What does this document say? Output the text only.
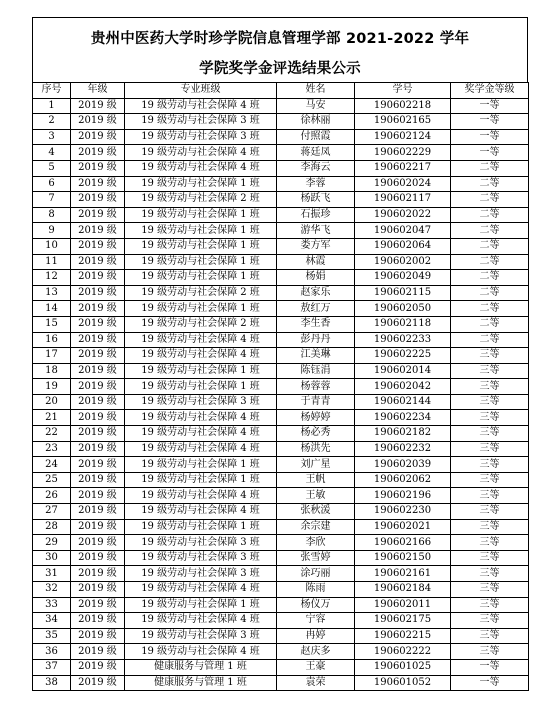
贵州中医药大学时珍学院信息管理学部 2021-2022 学年
学院奖学金评选结果公示
序号	年级	专业班级	姓名	学号	奖学金等级
1	2019 级	19 级劳动与社会保障 4 班	马安	190602218	一等
2	2019 级	19 级劳动与社会保障 3 班	徐林丽	190602165	一等
3	2019 级	19 级劳动与社会保障 3 班	付照霞	190602124	一等
4	2019 级	19 级劳动与社会保障 4 班	蒋廷凤	190602229	一等
5	2019 级	19 级劳动与社会保障 4 班	李海云	190602217	二等
6	2019 级	19 级劳动与社会保障 1 班	李蓉	190602024	二等
7	2019 级	19 级劳动与社会保障 2 班	杨跃飞	190602117	二等
8	2019 级	19 级劳动与社会保障 1 班	石振珍	190602022	二等
9	2019 级	19 级劳动与社会保障 1 班	游华飞	190602047	二等
10	2019 级	19 级劳动与社会保障 1 班	娄方军	190602064	二等
11	2019 级	19 级劳动与社会保障 1 班	林霞	190602002	二等
12	2019 级	19 级劳动与社会保障 1 班	杨娟	190602049	二等
13	2019 级	19 级劳动与社会保障 2 班	赵家乐	190602115	二等
14	2019 级	19 级劳动与社会保障 1 班	敖红万	190602050	二等
15	2019 级	19 级劳动与社会保障 2 班	李生香	190602118	二等
16	2019 级	19 级劳动与社会保障 4 班	彭丹丹	190602233	二等
17	2019 级	19 级劳动与社会保障 4 班	江美琳	190602225	三等
18	2019 级	19 级劳动与社会保障 1 班	陈钰涓	190602014	三等
19	2019 级	19 级劳动与社会保障 1 班	杨蓉蓉	190602042	三等
20	2019 级	19 级劳动与社会保障 3 班	于青青	190602144	三等
21	2019 级	19 级劳动与社会保障 4 班	杨婷婷	190602234	三等
22	2019 级	19 级劳动与社会保障 4 班	杨必秀	190602182	三等
23	2019 级	19 级劳动与社会保障 4 班	杨洪先	190602232	三等
24	2019 级	19 级劳动与社会保障 1 班	刘广星	190602039	三等
25	2019 级	19 级劳动与社会保障 1 班	王帆	190602062	三等
26	2019 级	19 级劳动与社会保障 4 班	王敏	190602196	三等
27	2019 级	19 级劳动与社会保障 4 班	张秋湲	190602230	三等
28	2019 级	19 级劳动与社会保障 1 班	余宗建	190602021	三等
29	2019 级	19 级劳动与社会保障 3 班	李欣	190602166	三等
30	2019 级	19 级劳动与社会保障 3 班	张雪婷	190602150	三等
31	2019 级	19 级劳动与社会保障 3 班	涂巧丽	190602161	三等
32	2019 级	19 级劳动与社会保障 4 班	陈雨	190602184	三等
33	2019 级	19 级劳动与社会保障 1 班	杨仪万	190602011	三等
34	2019 级	19 级劳动与社会保障 4 班	宁容	190602175	三等
35	2019 级	19 级劳动与社会保障 3 班	冉婷	190602215	三等
36	2019 级	19 级劳动与社会保障 4 班	赵庆多	190602222	三等
37	2019 级	健康服务与管理 1 班	王豪	190601025	一等
38	2019 级	健康服务与管理 1 班	袁荣	190601052	一等
